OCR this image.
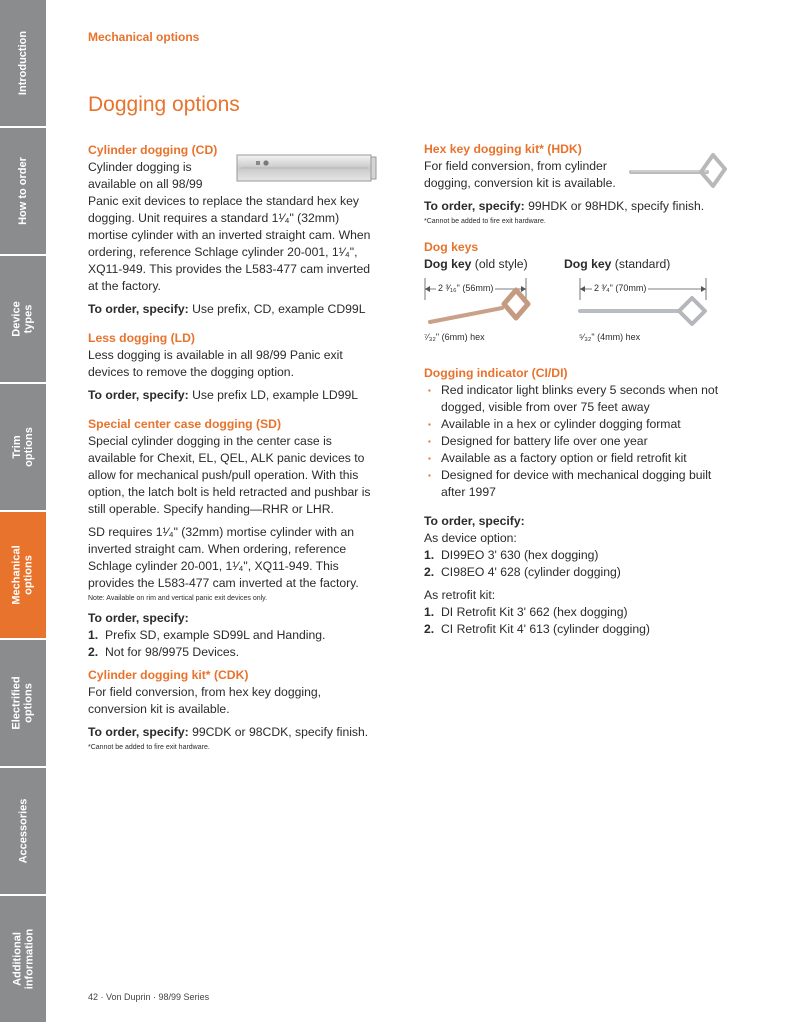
Introduction
How to order
Device
types
Trim
options
Mechanical
options
Electrified
options
Accessories
Additional
information
Mechanical options
Dogging options
Cylinder dogging (CD)

Cylinder dogging is

available on all 98/99

Panic exit devices to replace the standard hex key dogging. Unit requires a standard 1¹⁄₄" (32mm) mortise cylinder with an inverted straight cam. When ordering, reference Schlage cylinder 20-001, 1¹⁄₄", XQ11-949. This provides the L583-477 cam inverted at the factory.

To order, specify: Use prefix, CD, example CD99L

Less dogging (LD)

Less dogging is available in all 98/99 Panic exit devices to remove the dogging option.

To order, specify: Use prefix LD, example LD99L

Special center case dogging (SD)

Special cylinder dogging in the center case is available for Chexit, EL, QEL, ALK panic devices to allow for mechanical push/pull operation. With this option, the latch bolt is held retracted and pushbar is still operable. Specify handing—RHR or LHR.

SD requires 1¹⁄₄" (32mm) mortise cylinder with an inverted straight cam. When ordering, reference Schlage cylinder 20-001, 1¹⁄₄", XQ11-949. This provides the L583-477 cam inverted at the factory.

Note: Available on rim and vertical panic exit devices only.

To order, specify:

1. Prefix SD, example SD99L and Handing.
2. Not for 98/9975 Devices.
Cylinder dogging kit* (CDK)

For field conversion, from hex key dogging, conversion kit is available.

To order, specify: 99CDK or 98CDK, specify finish.

*Cannot be added to fire exit hardware.

Hex key dogging kit* (HDK)

For field conversion, from cylinder

dogging, conversion kit is available.

To order, specify: 99HDK or 98HDK, specify finish.

*Cannot be added to fire exit hardware.

Dog keys
Dog key (old style)	Dog key (standard)
2 ³⁄₁₆" (56mm)
⁷⁄₃₂" (6mm) hex
2 ³⁄₄" (70mm)
⁵⁄₃₂" (4mm) hex
Dogging indicator (CI/DI)
▪ Red indicator light blinks every 5 seconds when not dogged, visible from over 75 feet away
▪ Available in a hex or cylinder dogging format
▪ Designed for battery life over one year
▪ Available as a factory option or field retrofit kit
▪ Designed for device with mechanical dogging built after 1997

To order, specify:

As device option:

1. DI99EO 3' 630 (hex dogging)
2. CI98EO 4' 628 (cylinder dogging)

As retrofit kit:

1. DI Retrofit Kit 3' 662 (hex dogging)
2. CI Retrofit Kit 4' 613 (cylinder dogging)
42 · Von Duprin · 98/99 Series
